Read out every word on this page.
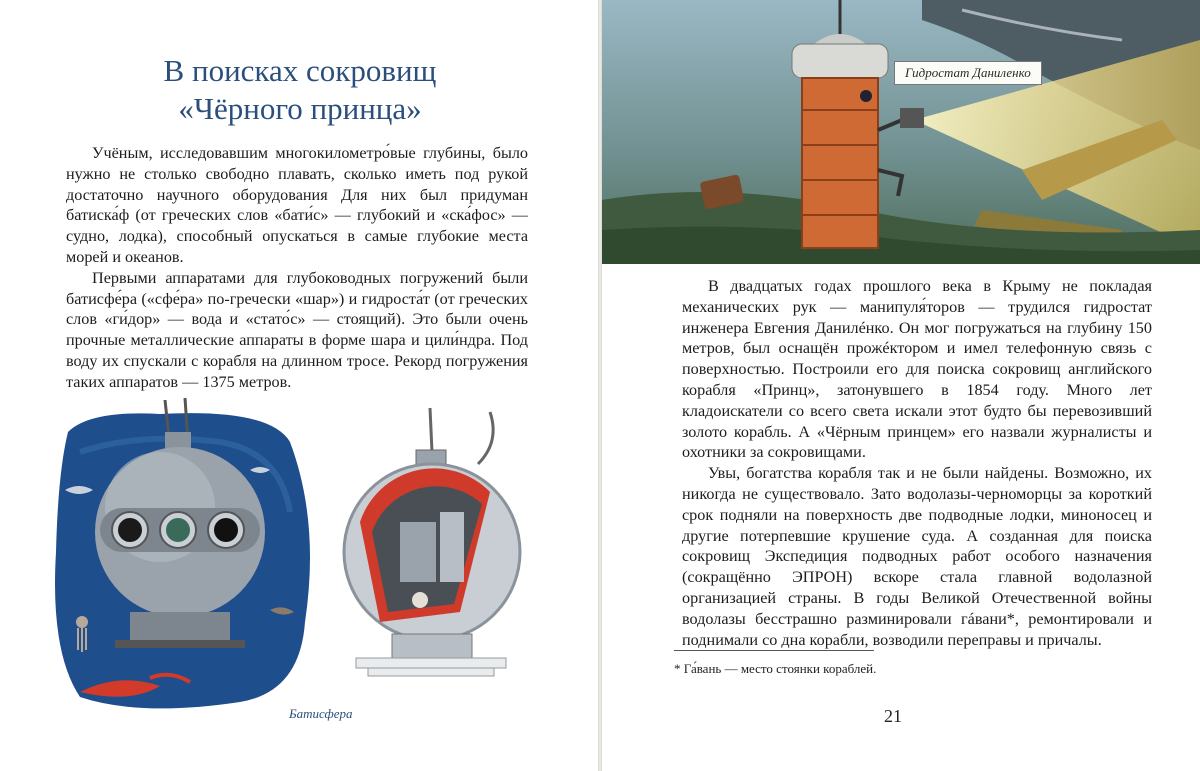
В поисках сокровищ
«Чёрного принца»

Учёным, исследовавшим многокилометро́вые глубины, было нужно не столько свободно плавать, сколько иметь под рукой достаточно научного оборудования Для них был придуман батиска́ф (от греческих слов «бати́с» — глубокий и «ска́фос» — судно, лодка), способный опускаться в самые глубокие места морей и океанов.

Первыми аппаратами для глубоководных погружений были батисфе́ра («сфе́ра» по-гречески «шар») и гидроста́т (от греческих слов «ги́дор» — вода и «стато́с» — стоящий). Это были очень прочные металлические аппараты в форме шара и цили́ндра. Под воду их спускали с корабля на длинном тросе. Рекорд погружения таких аппаратов — 1375 метров.

Батисфера
Гидростат Даниленко

В двадцатых годах прошлого века в Крыму не покладая механических рук — манипуля́торов — трудился гидростат инженера Евгения Данилéнко. Он мог погружаться на глубину 150 метров, был оснащён прожéктором и имел телефонную связь с поверхностью. Построили его для поиска сокровищ английского корабля «Принц», затонувшего в 1854 году. Много лет кладоискатели со всего света искали этот будто бы перевозивший золото корабль. А «Чёрным принцем» его назвали журналисты и охотники за сокровищами.

Увы, богатства корабля так и не были найдены. Возможно, их никогда не существовало. Зато водолазы-черноморцы за короткий срок подняли на поверхность две подводные лодки, миноносец и другие потерпевшие крушение суда. А созданная для поиска сокровищ Экспедиция подводных работ особого назначения (сокращённо ЭПРОН) вскоре стала главной водолазной организацией страны. В годы Великой Отечественной войны водолазы бесстрашно разминировали гáвани*, ремонтировали и поднимали со дна корабли, возводили переправы и причалы.

* Га́вань — место стоянки кораблей.
21
